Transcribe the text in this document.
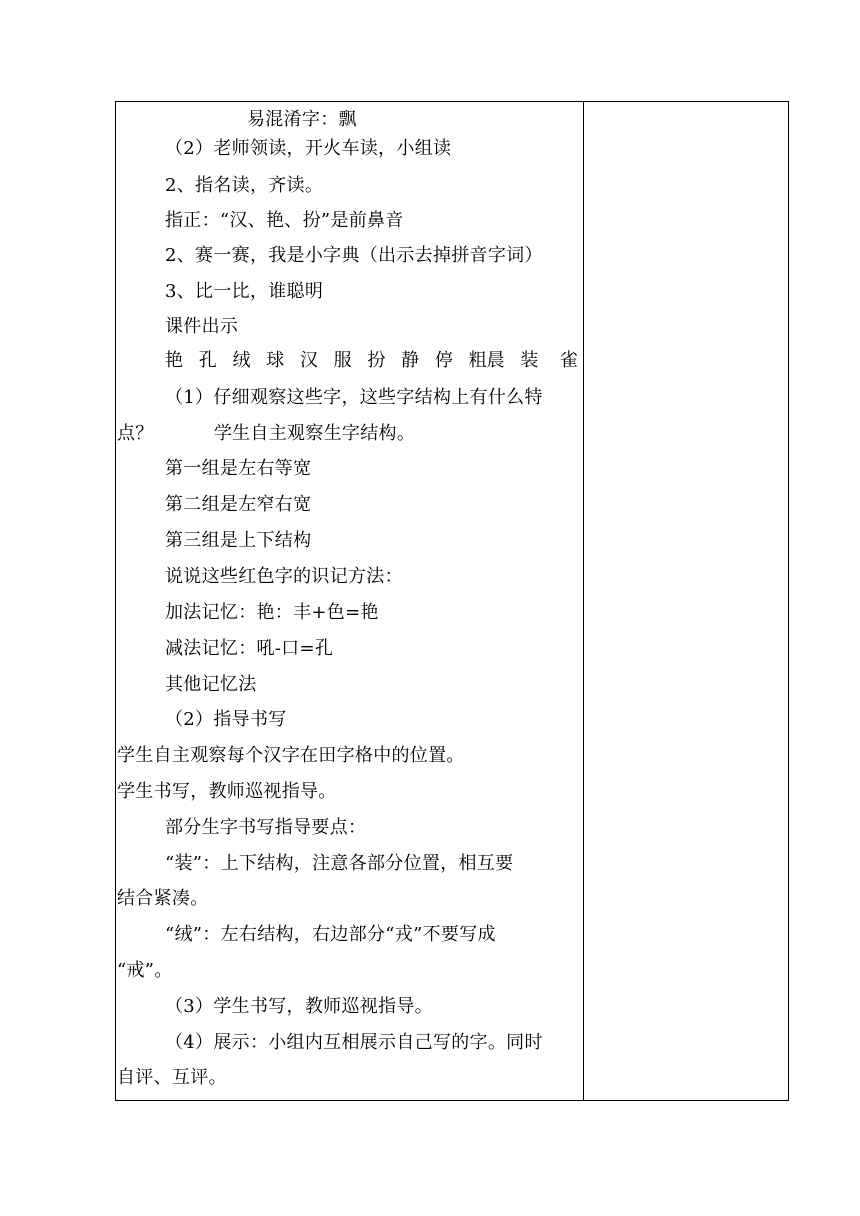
易混淆字：飘
（2）老师领读，开火车读，小组读
2、指名读，齐读。
指正：“汉、艳、扮”是前鼻音
2、赛一赛，我是小字典（出示去掉拼音字词）
3、比一比，谁聪明
课件出示
艳 孔 绒 球 汉 服 扮 静 停 粗晨 装  雀
（1）仔细观察这些字，这些字结构上有什么特
点？          学生自主观察生字结构。
第一组是左右等宽
第二组是左窄右宽
第三组是上下结构
说说这些红色字的识记方法：
加法记忆：艳：丰+色=艳
减法记忆：吼-口=孔
其他记忆法
（2）指导书写
学生自主观察每个汉字在田字格中的位置。
学生书写，教师巡视指导。
部分生字书写指导要点：
“装”：上下结构，注意各部分位置，相互要
结合紧凑。
“绒”：左右结构，右边部分“戎”不要写成
“戒”。
（3）学生书写，教师巡视指导。
（4）展示：小组内互相展示自己写的字。同时
自评、互评。
